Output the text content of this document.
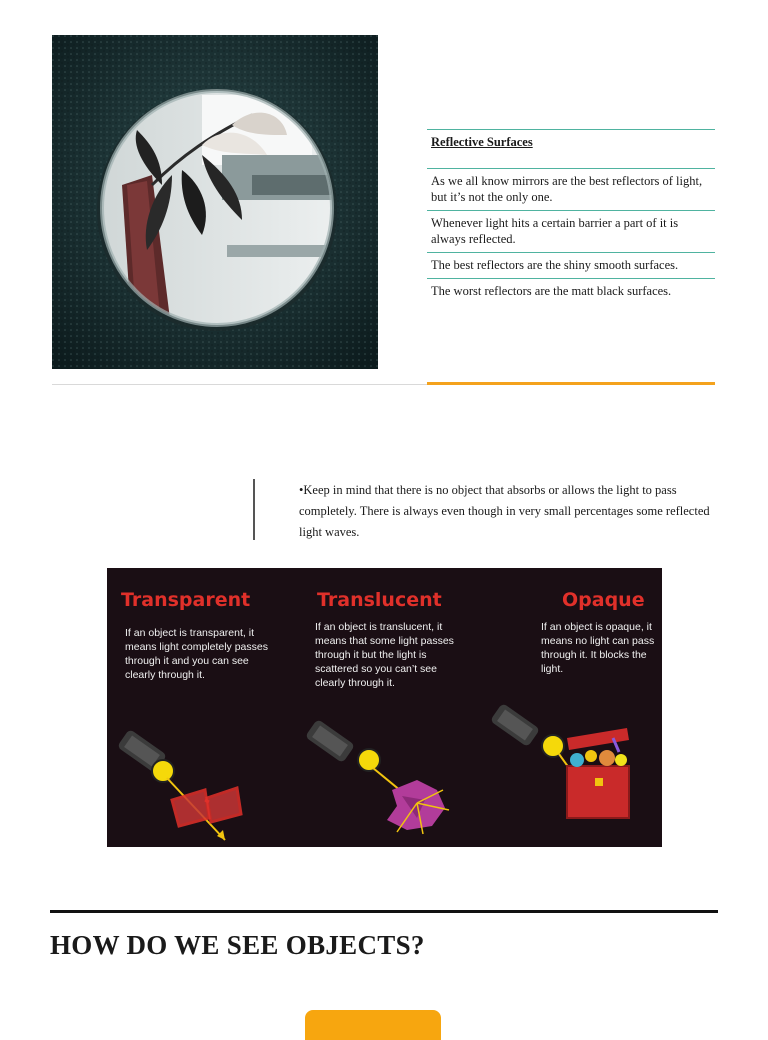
Reflective Surfaces
As we all know mirrors are the best reflectors of light, but it’s not the only one.
Whenever light hits a certain barrier a part of it is always reflected.
The best reflectors are the shiny smooth surfaces.
The worst reflectors are the matt black surfaces.
•Keep in mind that there is no object that absorbs or allows the light to pass completely. There is always even though in very small percentages some reflected light waves.
Transparent
If an object is transparent, it means light completely passes through it and you can see clearly through it.
Translucent
If an object is translucent, it means that some light passes through it but the light is scattered so you can’t see clearly through it.
Opaque
If an object is opaque, it means no light can pass through it. It blocks the light.
HOW DO WE SEE OBJECTS?
